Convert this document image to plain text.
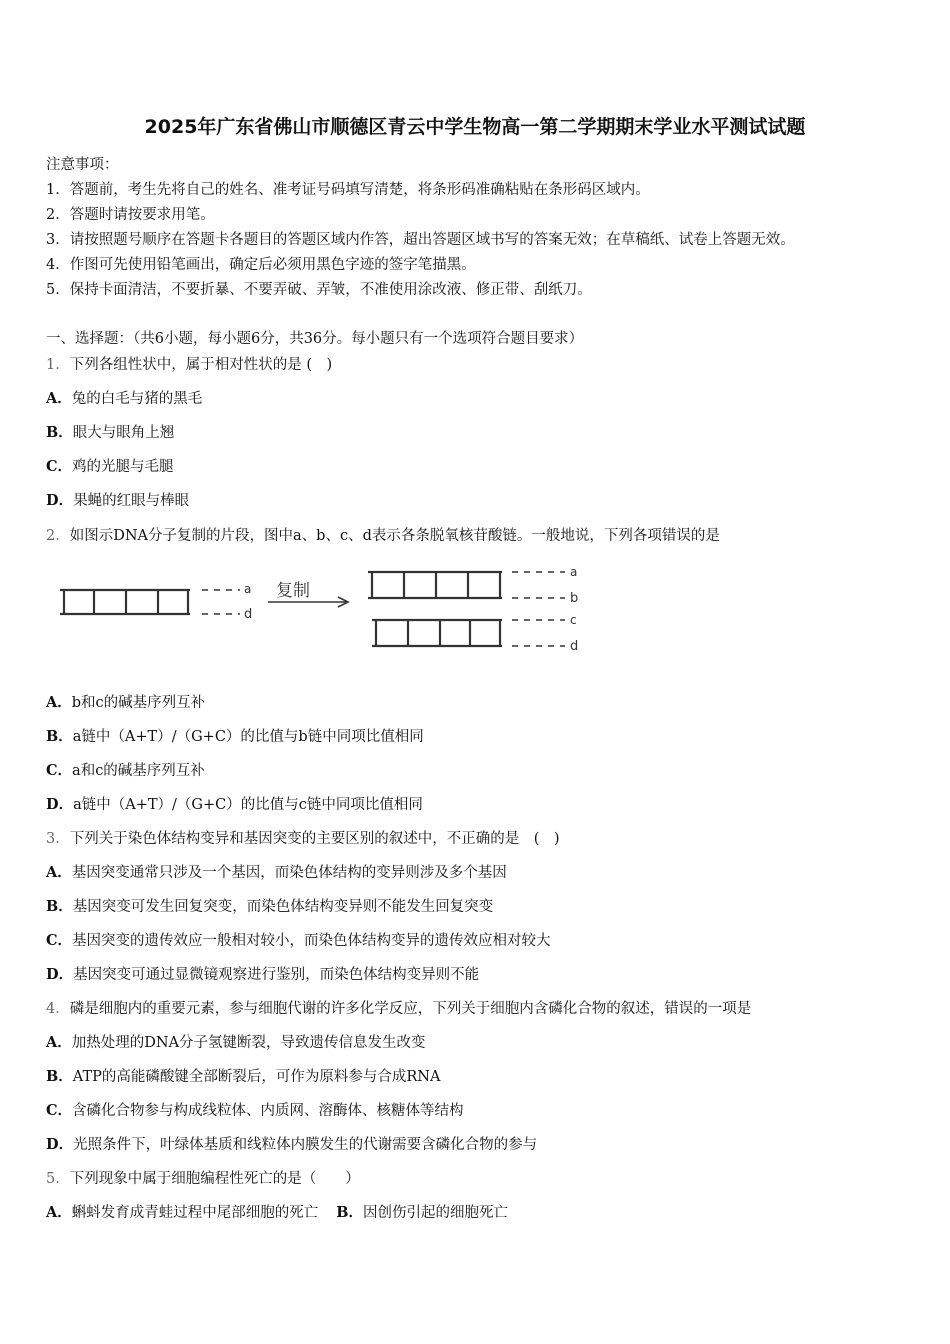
2025年广东省佛山市顺德区青云中学生物高一第二学期期末学业水平测试试题
注意事项：
1．答题前，考生先将自己的姓名、准考证号码填写清楚，将条形码准确粘贴在条形码区域内。
2．答题时请按要求用笔。
3．请按照题号顺序在答题卡各题目的答题区域内作答，超出答题区域书写的答案无效；在草稿纸、试卷上答题无效。
4．作图可先使用铅笔画出，确定后必须用黑色字迹的签字笔描黑。
5．保持卡面清洁，不要折暴、不要弄破、弄皱，不准使用涂改液、修正带、刮纸刀。
一、选择题：（共6小题，每小题6分，共36分。每小题只有一个选项符合题目要求）
1．下列各组性状中，属于相对性状的是 (　)
A．兔的白毛与猪的黑毛
B．眼大与眼角上翘
C．鸡的光腿与毛腿
D．果蝇的红眼与棒眼
2．如图示DNA分子复制的片段，图中a、b、c、d表示各条脱氧核苷酸链。一般地说，下列各项错误的是
复制
a
d
a
b
c
d
A．b和c的碱基序列互补
B．a链中（A+T）/（G+C）的比值与b链中同项比值相同
C．a和c的碱基序列互补
D．a链中（A+T）/（G+C）的比值与c链中同项比值相同
3．下列关于染色体结构变异和基因突变的主要区别的叙述中，不正确的是　(　)
A．基因突变通常只涉及一个基因，而染色体结构的变异则涉及多个基因
B．基因突变可发生回复突变，而染色体结构变异则不能发生回复突变
C．基因突变的遗传效应一般相对较小，而染色体结构变异的遗传效应相对较大
D．基因突变可通过显微镜观察进行鉴别，而染色体结构变异则不能
4．磷是细胞内的重要元素，参与细胞代谢的许多化学反应，下列关于细胞内含磷化合物的叙述，错误的一项是
A．加热处理的DNA分子氢键断裂，导致遗传信息发生改变
B．ATP的高能磷酸键全部断裂后，可作为原料参与合成RNA
C．含磷化合物参与构成线粒体、内质网、溶酶体、核糖体等结构
D．光照条件下，叶绿体基质和线粒体内膜发生的代谢需要含磷化合物的参与
5．下列现象中属于细胞编程性死亡的是（　　）
A．蝌蚪发育成青蛙过程中尾部细胞的死亡 B．因创伤引起的细胞死亡
